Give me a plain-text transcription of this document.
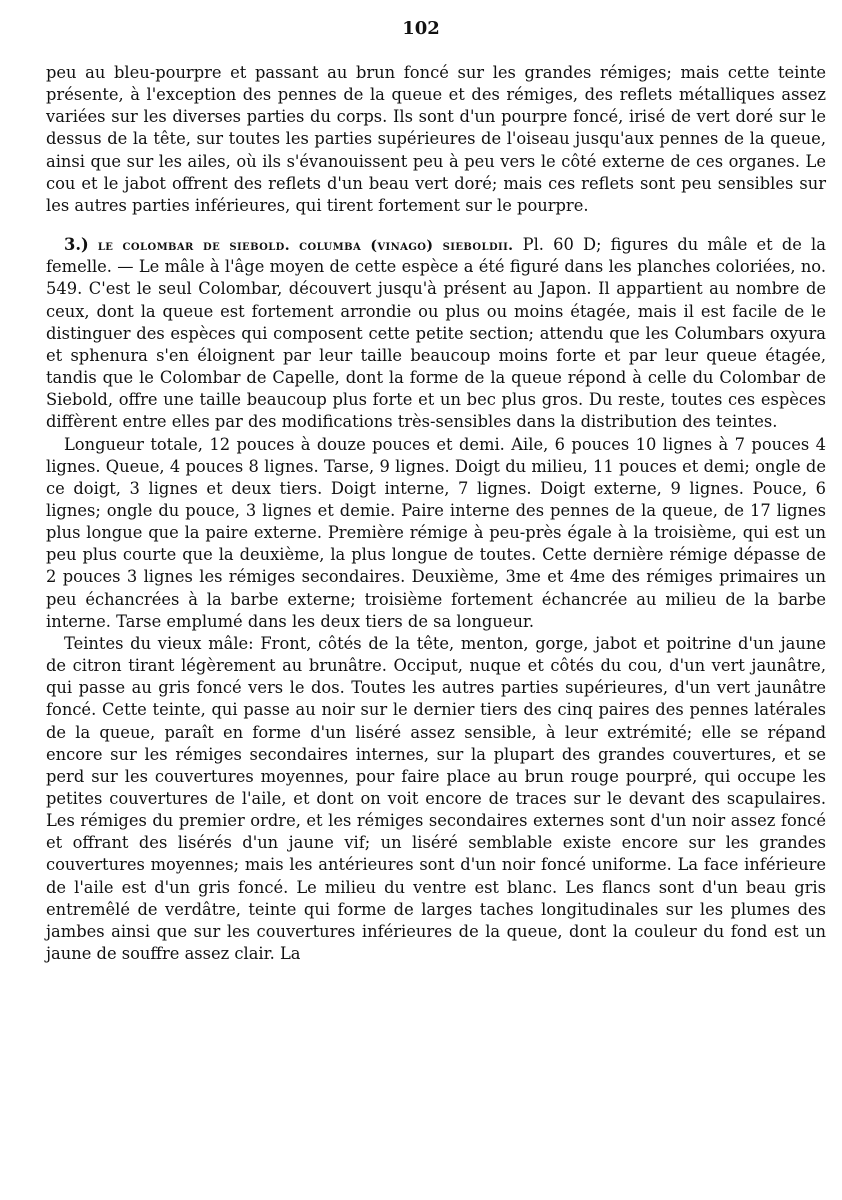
102

peu au bleu-pourpre et passant au brun foncé sur les grandes rémiges; mais cette teinte présente, à l'exception des pennes de la queue et des rémiges, des reflets métalliques assez variées sur les diverses parties du corps. Ils sont d'un pourpre foncé, irisé de vert doré sur le dessus de la tête, sur toutes les parties supérieures de l'oiseau jusqu'aux pennes de la queue, ainsi que sur les ailes, où ils s'évanouissent peu à peu vers le côté externe de ces organes. Le cou et le jabot offrent des reflets d'un beau vert doré; mais ces reflets sont peu sensibles sur les autres parties inférieures, qui tirent fortement sur le pourpre.

3.) le colombar de siebold. columba (vinago) sieboldii. Pl. 60 D; figures du mâle et de la femelle. — Le mâle à l'âge moyen de cette espèce a été figuré dans les planches coloriées, no. 549. C'est le seul Colombar, découvert jusqu'à présent au Japon. Il appartient au nombre de ceux, dont la queue est fortement arrondie ou plus ou moins étagée, mais il est facile de le distinguer des espèces qui composent cette petite section; attendu que les Columbars oxyura et sphenura s'en éloignent par leur taille beaucoup moins forte et par leur queue étagée, tandis que le Colombar de Capelle, dont la forme de la queue répond à celle du Colombar de Siebold, offre une taille beaucoup plus forte et un bec plus gros. Du reste, toutes ces espèces diffèrent entre elles par des modifications très-sensibles dans la distribution des teintes.

Longueur totale, 12 pouces à douze pouces et demi. Aile, 6 pouces 10 lignes à 7 pouces 4 lignes. Queue, 4 pouces 8 lignes. Tarse, 9 lignes. Doigt du milieu, 11 pouces et demi; ongle de ce doigt, 3 lignes et deux tiers. Doigt interne, 7 lignes. Doigt externe, 9 lignes. Pouce, 6 lignes; ongle du pouce, 3 lignes et demie. Paire interne des pennes de la queue, de 17 lignes plus longue que la paire externe. Première rémige à peu-près égale à la troisième, qui est un peu plus courte que la deuxième, la plus longue de toutes. Cette dernière rémige dépasse de 2 pouces 3 lignes les rémiges secondaires. Deuxième, 3me et 4me des rémiges primaires un peu échancrées à la barbe externe; troisième fortement échancrée au milieu de la barbe interne. Tarse emplumé dans les deux tiers de sa longueur.

Teintes du vieux mâle: Front, côtés de la tête, menton, gorge, jabot et poitrine d'un jaune de citron tirant légèrement au brunâtre. Occiput, nuque et côtés du cou, d'un vert jaunâtre, qui passe au gris foncé vers le dos. Toutes les autres parties supérieures, d'un vert jaunâtre foncé. Cette teinte, qui passe au noir sur le dernier tiers des cinq paires des pennes latérales de la queue, paraît en forme d'un liséré assez sensible, à leur extrémité; elle se répand encore sur les rémiges secondaires internes, sur la plupart des grandes couvertures, et se perd sur les couvertures moyennes, pour faire place au brun rouge pourpré, qui occupe les petites couvertures de l'aile, et dont on voit encore de traces sur le devant des scapulaires. Les rémiges du premier ordre, et les rémiges secondaires externes sont d'un noir assez foncé et offrant des lisérés d'un jaune vif; un liséré semblable existe encore sur les grandes couvertures moyennes; mais les antérieures sont d'un noir foncé uniforme. La face inférieure de l'aile est d'un gris foncé. Le milieu du ventre est blanc. Les flancs sont d'un beau gris entremêlé de verdâtre, teinte qui forme de larges taches longitudinales sur les plumes des jambes ainsi que sur les couvertures inférieures de la queue, dont la couleur du fond est un jaune de souffre assez clair. La
